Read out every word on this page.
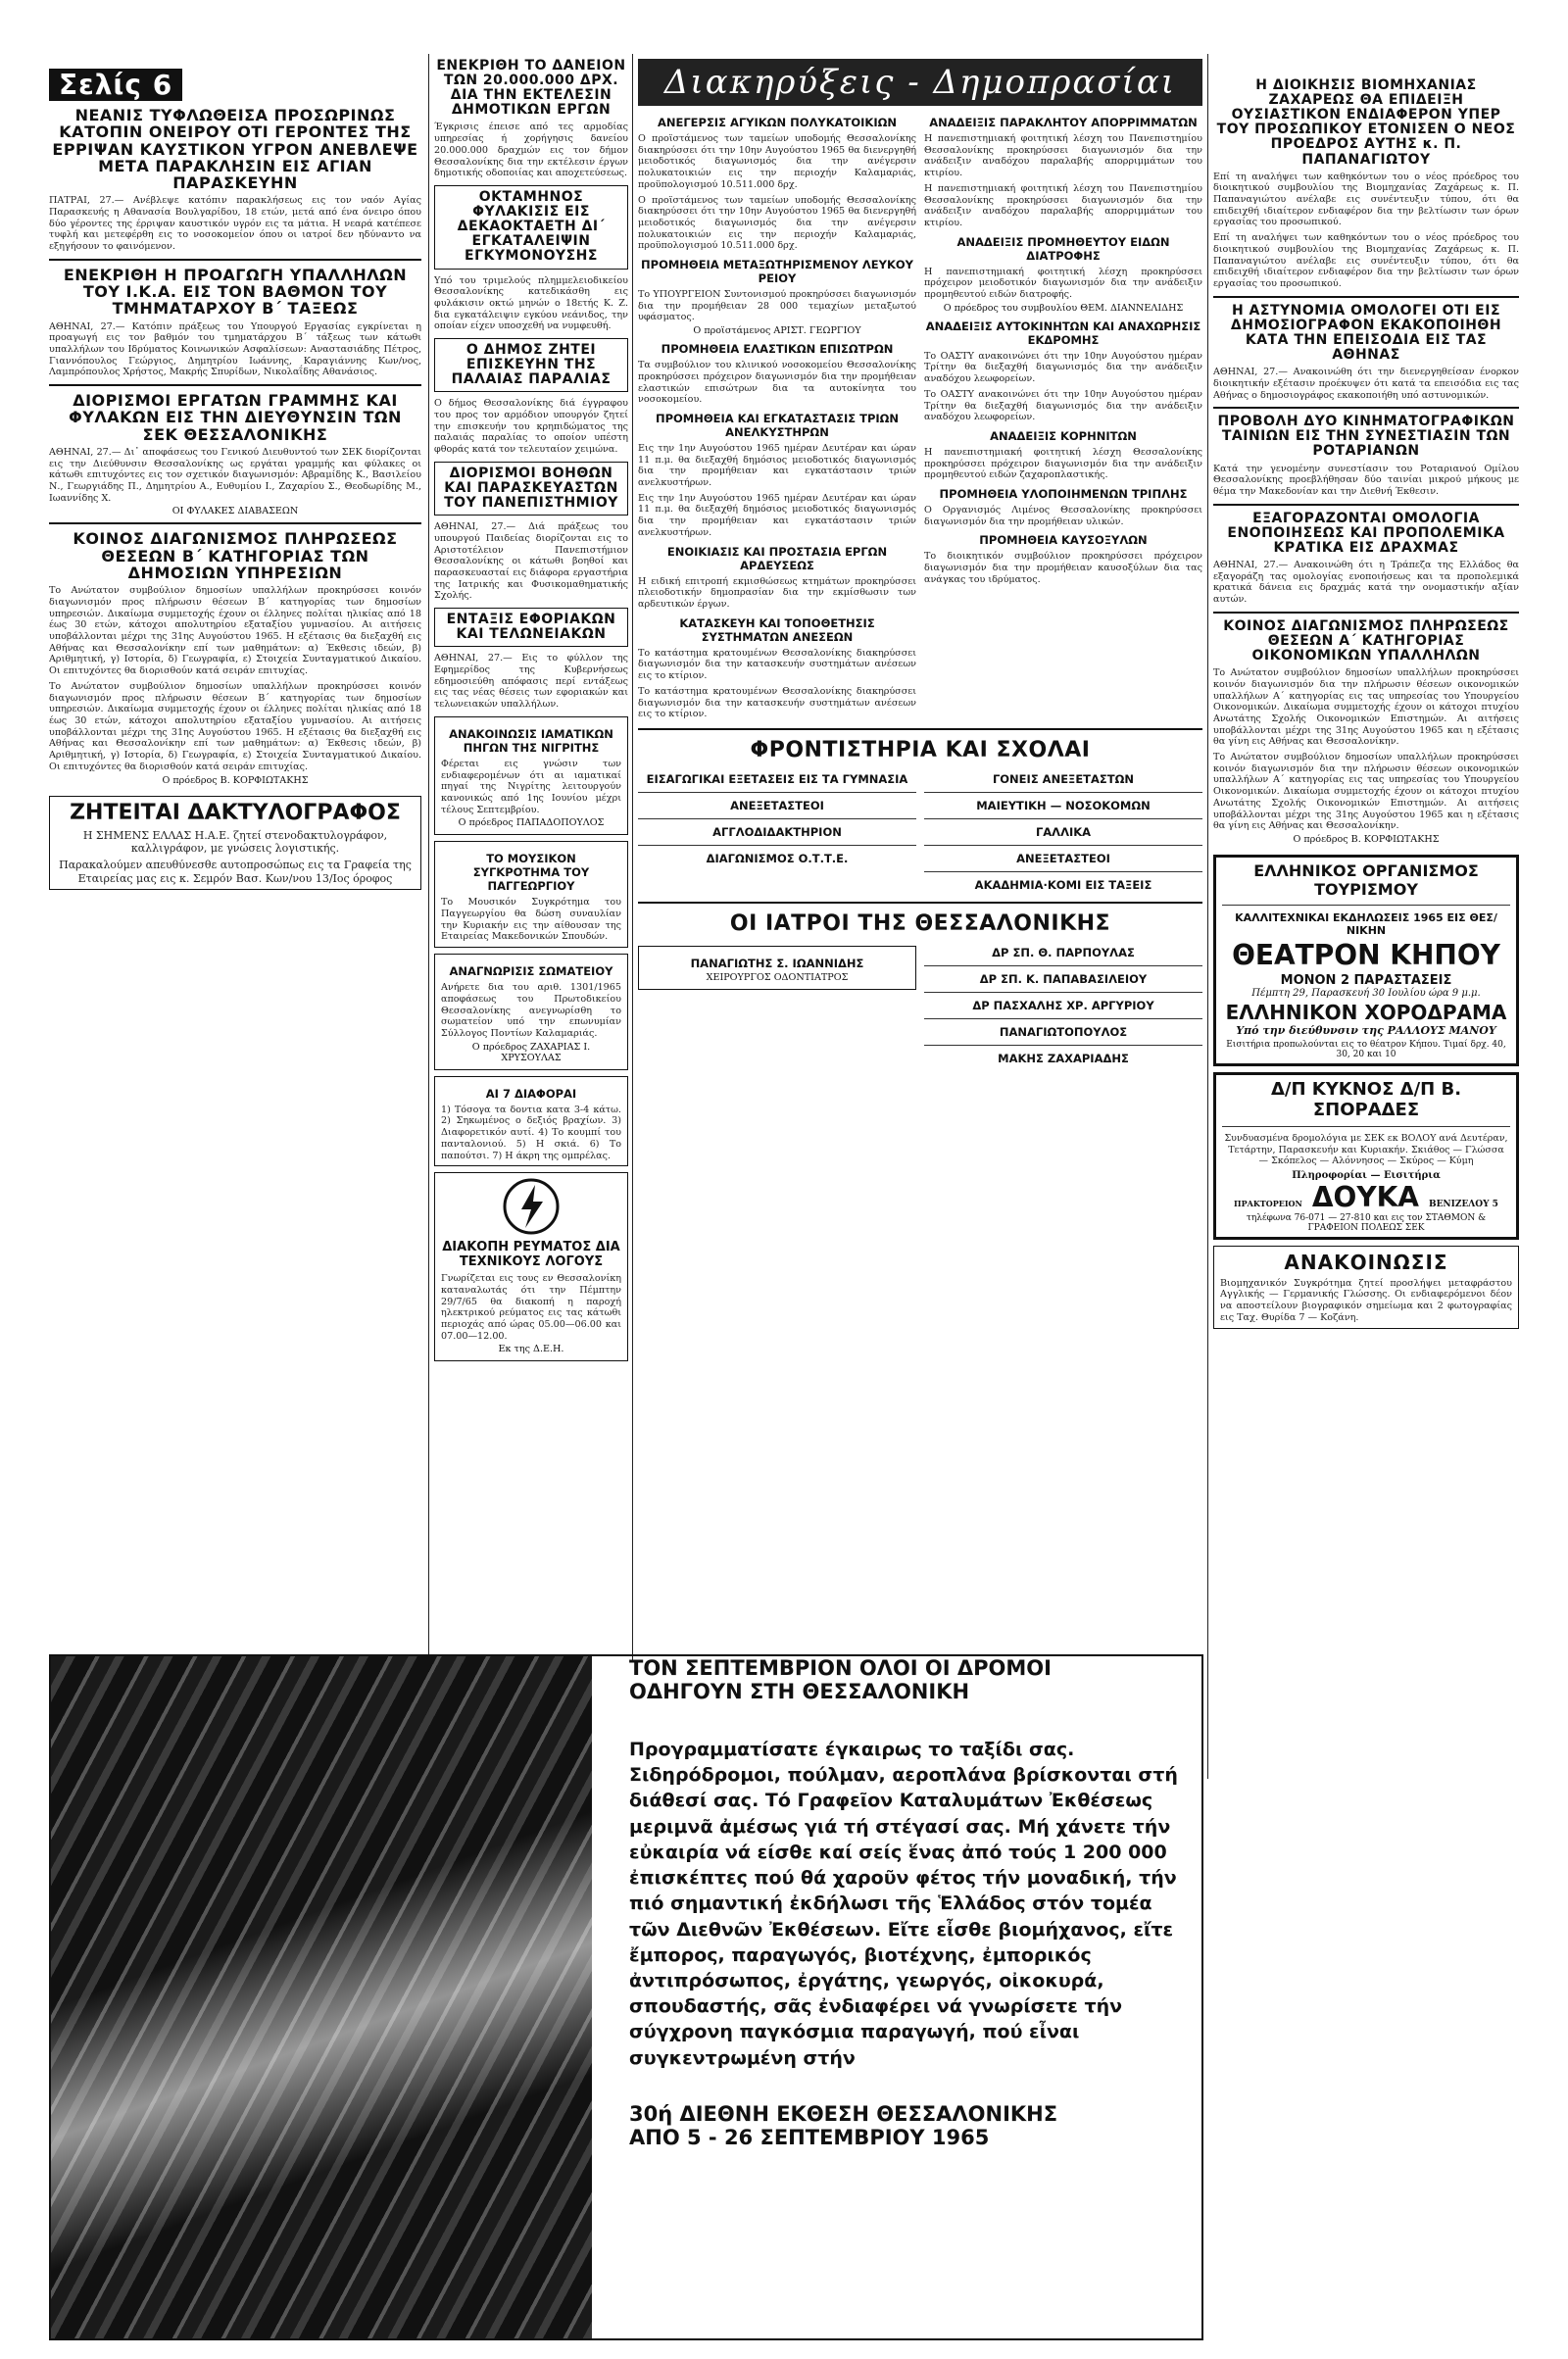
Σελίς 6
ΝΕΑΝΙΣ ΤΥΦΛΩΘΕΙΣΑ ΠΡΟΣΩΡΙΝΩΣ ΚΑΤΟΠΙΝ ΟΝΕΙΡΟΥ ΟΤΙ ΓΕΡΟΝΤΕΣ ΤΗΣ ΕΡΡΙΨΑΝ ΚΑΥΣΤΙΚΟΝ ΥΓΡΟΝ ΑΝΕΒΛΕΨΕ ΜΕΤΑ ΠΑΡΑΚΛΗΣΙΝ ΕΙΣ ΑΓΙΑΝ ΠΑΡΑΣΚΕΥΗΝ

ΠΑΤΡΑΙ, 27.— Ανέβλεψε κατόπιν παρακλήσεως εις τον ναόν Αγίας Παρασκευής η Αθανασία Βουλγαρίδου, 18 ετών, μετά από ένα όνειρο όπου δύο γέροντες της έρριψαν καυστικόν υγρόν εις τα μάτια. Η νεαρά κατέπεσε τυφλή και μετεφέρθη εις το νοσοκομείον όπου οι ιατροί δεν ηδύναντο να εξηγήσουν το φαινόμενον.

ΕΝΕΚΡΙΘΗ Η ΠΡΟΑΓΩΓΗ ΥΠΑΛΛΗΛΩΝ ΤΟΥ Ι.Κ.Α. ΕΙΣ ΤΟΝ ΒΑΘΜΟΝ ΤΟΥ ΤΜΗΜΑΤΑΡΧΟΥ Β΄ ΤΑΞΕΩΣ

ΑΘΗΝΑΙ, 27.— Κατόπιν πράξεως του Υπουργού Εργασίας εγκρίνεται η προαγωγή εις τον βαθμόν του τμηματάρχου Β΄ τάξεως των κάτωθι υπαλλήλων του Ιδρύματος Κοινωνικών Ασφαλίσεων: Αναστασιάδης Πέτρος, Γιαννόπουλος Γεώργιος, Δημητρίου Ιωάννης, Καραγιάννης Κων/νος, Λαμπρόπουλος Χρήστος, Μακρής Σπυρίδων, Νικολαΐδης Αθανάσιος.

ΔΙΟΡΙΣΜΟΙ ΕΡΓΑΤΩΝ ΓΡΑΜΜΗΣ ΚΑΙ ΦΥΛΑΚΩΝ ΕΙΣ ΤΗΝ ΔΙΕΥΘΥΝΣΙΝ ΤΩΝ ΣΕΚ ΘΕΣΣΑΛΟΝΙΚΗΣ

ΑΘΗΝΑΙ, 27.— Δι᾽ αποφάσεως του Γενικού Διευθυντού των ΣΕΚ διορίζονται εις την Διεύθυνσιν Θεσσαλονίκης ως εργάται γραμμής και φύλακες οι κάτωθι επιτυχόντες εις τον σχετικόν διαγωνισμόν: Αβραμίδης Κ., Βασιλείου Ν., Γεωργιάδης Π., Δημητρίου Α., Ευθυμίου Ι., Ζαχαρίου Σ., Θεοδωρίδης Μ., Ιωαννίδης Χ.

ΟΙ ΦΥΛΑΚΕΣ ΔΙΑΒΑΣΕΩΝ

ΚΟΙΝΟΣ ΔΙΑΓΩΝΙΣΜΟΣ ΠΛΗΡΩΣΕΩΣ ΘΕΣΕΩΝ Β΄ ΚΑΤΗΓΟΡΙΑΣ ΤΩΝ ΔΗΜΟΣΙΩΝ ΥΠΗΡΕΣΙΩΝ

Το Ανώτατον συμβούλιον δημοσίων υπαλλήλων προκηρύσσει κοινόν διαγωνισμόν προς πλήρωσιν θέσεων Β΄ κατηγορίας των δημοσίων υπηρεσιών. Δικαίωμα συμμετοχής έχουν οι έλληνες πολίται ηλικίας από 18 έως 30 ετών, κάτοχοι απολυτηρίου εξαταξίου γυμνασίου. Αι αιτήσεις υποβάλλονται μέχρι της 31ης Αυγούστου 1965. Η εξέτασις θα διεξαχθή εις Αθήνας και Θεσσαλονίκην επί των μαθημάτων: α) Έκθεσις ιδεών, β) Αριθμητική, γ) Ιστορία, δ) Γεωγραφία, ε) Στοιχεία Συνταγματικού Δικαίου. Οι επιτυχόντες θα διορισθούν κατά σειράν επιτυχίας.

Το Ανώτατον συμβούλιον δημοσίων υπαλλήλων προκηρύσσει κοινόν διαγωνισμόν προς πλήρωσιν θέσεων Β΄ κατηγορίας των δημοσίων υπηρεσιών. Δικαίωμα συμμετοχής έχουν οι έλληνες πολίται ηλικίας από 18 έως 30 ετών, κάτοχοι απολυτηρίου εξαταξίου γυμνασίου. Αι αιτήσεις υποβάλλονται μέχρι της 31ης Αυγούστου 1965. Η εξέτασις θα διεξαχθή εις Αθήνας και Θεσσαλονίκην επί των μαθημάτων: α) Έκθεσις ιδεών, β) Αριθμητική, γ) Ιστορία, δ) Γεωγραφία, ε) Στοιχεία Συνταγματικού Δικαίου. Οι επιτυχόντες θα διορισθούν κατά σειράν επιτυχίας.

Ο πρόεδρος Β. ΚΟΡΦΙΩΤΑΚΗΣ

ΖΗΤΕΙΤΑΙ ΔΑΚΤΥΛΟΓΡΑΦΟΣ

Η ΣΗΜΕΝΣ ΕΛΛΑΣ Η.Α.Ε. ζητεί στενοδακτυλογράφον, καλλιγράφον, με γνώσεις λογιστικής.

Παρακαλούμεν απευθύνεσθε αυτοπροσώπως εις τα Γραφεία της Εταιρείας μας εις κ. Σεμρόν Βασ. Κων/νου 13/Ιος όροφος

ΕΝΕΚΡΙΘΗ ΤΟ ΔΑΝΕΙΟΝ ΤΩΝ 20.000.000 ΔΡΧ. ΔΙΑ ΤΗΝ ΕΚΤΕΛΕΣΙΝ ΔΗΜΟΤΙΚΩΝ ΕΡΓΩΝ

Έγκρισις έπεισε από τες αρμοδίας υπηρεσίας ή χορήγησις δανείου 20.000.000 δραχμών εις τον δήμον Θεσσαλονίκης δια την εκτέλεσιν έργων δημοτικής οδοποιίας και αποχετεύσεως.

ΟΚΤΑΜΗΝΟΣ ΦΥΛΑΚΙΣΙΣ ΕΙΣ ΔΕΚΑΟΚΤΑΕΤΗ ΔΙ΄ ΕΓΚΑΤΑΛΕΙΨΙΝ ΕΓΚΥΜΟΝΟΥΣΗΣ

Υπό του τριμελούς πλημμελειοδικείου Θεσσαλονίκης κατεδικάσθη εις φυλάκισιν οκτώ μηνών ο 18ετής Κ. Ζ. δια εγκατάλειψιν εγκύου νεάνιδος, την οποίαν είχεν υποσχεθή να νυμφευθή.

Ο ΔΗΜΟΣ ΖΗΤΕΙ ΕΠΙΣΚΕΥΗΝ ΤΗΣ ΠΑΛΑΙΑΣ ΠΑΡΑΛΙΑΣ

Ο δήμος Θεσσαλονίκης διά έγγραφου του προς τον αρμόδιον υπουργόν ζητεί την επισκευήν του κρηπιδώματος της παλαιάς παραλίας το οποίον υπέστη φθοράς κατά τον τελευταίον χειμώνα.

ΔΙΟΡΙΣΜΟΙ ΒΟΗΘΩΝ ΚΑΙ ΠΑΡΑΣΚΕΥΑΣΤΩΝ ΤΟΥ ΠΑΝΕΠΙΣΤΗΜΙΟΥ

ΑΘΗΝΑΙ, 27.— Διά πράξεως του υπουργού Παιδείας διορίζονται εις το Αριστοτέλειον Πανεπιστήμιον Θεσσαλονίκης οι κάτωθι βοηθοί και παρασκευασταί εις διάφορα εργαστήρια της Ιατρικής και Φυσικομαθηματικής Σχολής.

ΕΝΤΑΞΙΣ ΕΦΟΡΙΑΚΩΝ ΚΑΙ ΤΕΛΩΝΕΙΑΚΩΝ

ΑΘΗΝΑΙ, 27.— Εις το φύλλον της Εφημερίδος της Κυβερνήσεως εδημοσιεύθη απόφασις περί εντάξεως εις τας νέας θέσεις των εφοριακών και τελωνειακών υπαλλήλων.

ΑΝΑΚΟΙΝΩΣΙΣ ΙΑΜΑΤΙΚΩΝ ΠΗΓΩΝ ΤΗΣ ΝΙΓΡΙΤΗΣ

Φέρεται εις γνώσιν των ενδιαφερομένων ότι αι ιαματικαί πηγαί της Νιγρίτης λειτουργούν κανονικώς από 1ης Ιουνίου μέχρι τέλους Σεπτεμβρίου.

Ο πρόεδρος ΠΑΠΑΔΟΠΟΥΛΟΣ

ΤΟ ΜΟΥΣΙΚΟΝ ΣΥΓΚΡΟΤΗΜΑ ΤΟΥ ΠΑΓΓΕΩΡΓΙΟΥ

Το Μουσικόν Συγκρότημα του Παγγεωργίου θα δώση συναυλίαν την Κυριακήν εις την αίθουσαν της Εταιρείας Μακεδονικών Σπουδών.

ΑΝΑΓΝΩΡΙΣΙΣ ΣΩΜΑΤΕΙΟΥ

Ανήρετε δια του αριθ. 1301/1965 αποφάσεως του Πρωτοδικείου Θεσσαλονίκης ανεγνωρίσθη το σωματείον υπό την επωνυμίαν Σύλλογος Ποντίων Καλαμαριάς.

Ο πρόεδρος ΖΑΧΑΡΙΑΣ Ι. ΧΡΥΣΟΥΛΑΣ

ΑΙ 7 ΔΙΑΦΟΡΑΙ

1) Τόσογα τα δοντια κατα 3-4 κάτω. 2) Σηκωμένος ο δεξιός βραχίων. 3) Διαφορετικόν αυτί. 4) Το κουμπί του πανταλονιού. 5) Η σκιά. 6) Το παπούτσι. 7) Η άκρη της ομπρέλας.

ΔΙΑΚΟΠΗ ΡΕΥΜΑΤΟΣ ΔΙΑ ΤΕΧΝΙΚΟΥΣ ΛΟΓΟΥΣ

Γνωρίζεται εις τους εν Θεσσαλονίκη καταναλωτάς ότι την Πέμπτην 29/7/65 θα διακοπή η παροχή ηλεκτρικού ρεύματος εις τας κάτωθι περιοχάς από ώρας 05.00—06.00 και 07.00—12.00.

Εκ της Δ.Ε.Η.

Διακηρύξεις - Δημοπρασίαι
ΑΝΕΓΕΡΣΙΣ ΑΓΥΙΚΩΝ ΠΟΛΥΚΑΤΟΙΚΙΩΝ

Ο προϊστάμενος των ταμείων υποδομής Θεσσαλονίκης διακηρύσσει ότι την 10ην Αυγούστου 1965 θα διενεργηθή μειοδοτικός διαγωνισμός δια την ανέγερσιν πολυκατοικιών εις την περιοχήν Καλαμαριάς, προϋπολογισμού 10.511.000 δρχ.

Ο προϊστάμενος των ταμείων υποδομής Θεσσαλονίκης διακηρύσσει ότι την 10ην Αυγούστου 1965 θα διενεργηθή μειοδοτικός διαγωνισμός δια την ανέγερσιν πολυκατοικιών εις την περιοχήν Καλαμαριάς, προϋπολογισμού 10.511.000 δρχ.

ΠΡΟΜΗΘΕΙΑ ΜΕΤΑΞΩΤΗΡΙΣΜΕΝΟΥ ΛΕΥΚΟΥ ΡΕΙΟΥ

Το ΥΠΟΥΡΓΕΙΟΝ Συντονισμού προκηρύσσει διαγωνισμόν δια την προμήθειαν 28 000 τεμαχίων μεταξωτού υφάσματος.

Ο προϊστάμενος ΑΡΙΣΤ. ΓΕΩΡΓΙΟΥ

ΠΡΟΜΗΘΕΙΑ ΕΛΑΣΤΙΚΩΝ ΕΠΙΣΩΤΡΩΝ

Τα συμβούλιον του κλινικού νοσοκομείου Θεσσαλονίκης προκηρύσσει πρόχειρον διαγωνισμόν δια την προμήθειαν ελαστικών επισώτρων δια τα αυτοκίνητα του νοσοκομείου.

ΠΡΟΜΗΘΕΙΑ ΚΑΙ ΕΓΚΑΤΑΣΤΑΣΙΣ ΤΡΙΩΝ ΑΝΕΛΚΥΣΤΗΡΩΝ

Εις την 1ην Αυγούστου 1965 ημέραν Δευτέραν και ώραν 11 π.μ. θα διεξαχθή δημόσιος μειοδοτικός διαγωνισμός δια την προμήθειαν και εγκατάστασιν τριών ανελκυστήρων.

Εις την 1ην Αυγούστου 1965 ημέραν Δευτέραν και ώραν 11 π.μ. θα διεξαχθή δημόσιος μειοδοτικός διαγωνισμός δια την προμήθειαν και εγκατάστασιν τριών ανελκυστήρων.

ΕΝΟΙΚΙΑΣΙΣ ΚΑΙ ΠΡΟΣΤΑΣΙΑ ΕΡΓΩΝ ΑΡΔΕΥΣΕΩΣ

Η ειδική επιτροπή εκμισθώσεως κτημάτων προκηρύσσει πλειοδοτικήν δημοπρασίαν δια την εκμίσθωσιν των αρδευτικών έργων.

ΚΑΤΑΣΚΕΥΗ ΚΑΙ ΤΟΠΟΘΕΤΗΣΙΣ ΣΥΣΤΗΜΑΤΩΝ ΑΝΕΣΕΩΝ

Το κατάστημα κρατουμένων Θεσσαλονίκης διακηρύσσει διαγωνισμόν δια την κατασκευήν συστημάτων ανέσεων εις το κτίριον.

Το κατάστημα κρατουμένων Θεσσαλονίκης διακηρύσσει διαγωνισμόν δια την κατασκευήν συστημάτων ανέσεων εις το κτίριον.

ΑΝΑΔΕΙΞΙΣ ΠΑΡΑΚΛΗΤΟΥ ΑΠΟΡΡΙΜΜΑΤΩΝ

Η πανεπιστημιακή φοιτητική λέσχη του Πανεπιστημίου Θεσσαλονίκης προκηρύσσει διαγωνισμόν δια την ανάδειξιν αναδόχου παραλαβής απορριμμάτων του κτιρίου.

Η πανεπιστημιακή φοιτητική λέσχη του Πανεπιστημίου Θεσσαλονίκης προκηρύσσει διαγωνισμόν δια την ανάδειξιν αναδόχου παραλαβής απορριμμάτων του κτιρίου.

ΑΝΑΔΕΙΞΙΣ ΠΡΟΜΗΘΕΥΤΟΥ ΕΙΔΩΝ ΔΙΑΤΡΟΦΗΣ

Η πανεπιστημιακή φοιτητική λέσχη προκηρύσσει πρόχειρον μειοδοτικόν διαγωνισμόν δια την ανάδειξιν προμηθευτού ειδών διατροφής.

Ο πρόεδρος του συμβουλίου ΘΕΜ. ΔΙΑΝΝΕΛΙΔΗΣ

ΑΝΑΔΕΙΞΙΣ ΑΥΤΟΚΙΝΗΤΩΝ ΚΑΙ ΑΝΑΧΩΡΗΣΙΣ ΕΚΔΡΟΜΗΣ

Το ΟΑΣΤΥ ανακοινώνει ότι την 10ην Αυγούστου ημέραν Τρίτην θα διεξαχθή διαγωνισμός δια την ανάδειξιν αναδόχου λεωφορείων.

Το ΟΑΣΤΥ ανακοινώνει ότι την 10ην Αυγούστου ημέραν Τρίτην θα διεξαχθή διαγωνισμός δια την ανάδειξιν αναδόχου λεωφορείων.

ΑΝΑΔΕΙΞΙΣ ΚΟΡΗΝΙΤΩΝ

Η πανεπιστημιακή φοιτητική λέσχη Θεσσαλονίκης προκηρύσσει πρόχειρον διαγωνισμόν δια την ανάδειξιν προμηθευτού ειδών ζαχαροπλαστικής.

ΠΡΟΜΗΘΕΙΑ ΥΛΟΠΟΙΗΜΕΝΩΝ ΤΡΙΠΛΗΣ

Ο Οργανισμός Λιμένος Θεσσαλονίκης προκηρύσσει διαγωνισμόν δια την προμήθειαν υλικών.

ΠΡΟΜΗΘΕΙΑ ΚΑΥΣΟΞΥΛΩΝ

Το διοικητικόν συμβούλιον προκηρύσσει πρόχειρον διαγωνισμόν δια την προμήθειαν καυσοξύλων δια τας ανάγκας του ιδρύματος.

ΦΡΟΝΤΙΣΤΗΡΙΑ ΚΑΙ ΣΧΟΛΑΙ
ΕΙΣΑΓΩΓΙΚΑΙ ΕΞΕΤΑΣΕΙΣ ΕΙΣ ΤΑ ΓΥΜΝΑΣΙΑ
ΑΝΕΞΕΤΑΣΤΕΟΙ
ΑΓΓΛΟΔΙΔΑΚΤΗΡΙΟΝ
ΔΙΑΓΩΝΙΣΜΟΣ Ο.Τ.Τ.Ε.
ΓΟΝΕΙΣ ΑΝΕΞΕΤΑΣΤΩΝ
ΜΑΙΕΥΤΙΚΗ — ΝΟΣΟΚΟΜΩΝ
ΓΑΛΛΙΚΑ
ΑΝΕΞΕΤΑΣΤΕΟΙ
ΑΚΑΔΗΜΙΑ·ΚΟΜΙ ΕΙΣ ΤΑΞΕΙΣ
ΟΙ ΙΑΤΡΟΙ ΤΗΣ ΘΕΣΣΑΛΟΝΙΚΗΣ
ΠΑΝΑΓΙΩΤΗΣ Σ. ΙΩΑΝΝΙΔΗΣ
ΧΕΙΡΟΥΡΓΟΣ ΟΔΟΝΤΙΑΤΡΟΣ
ΔΡ ΣΠ. Θ. ΠΑΡΠΟΥΛΑΣ
ΔΡ ΣΠ. Κ. ΠΑΠΑΒΑΣΙΛΕΙΟΥ
ΔΡ ΠΑΣΧΑΛΗΣ ΧΡ. ΑΡΓΥΡΙΟΥ
ΠΑΝΑΓΙΩΤΟΠΟΥΛΟΣ
ΜΑΚΗΣ ΖΑΧΑΡΙΑΔΗΣ
Η ΔΙΟΙΚΗΣΙΣ ΒΙΟΜΗΧΑΝΙΑΣ ΖΑΧΑΡΕΩΣ ΘΑ ΕΠΙΔΕΙΞΗ ΟΥΣΙΑΣΤΙΚΟΝ ΕΝΔΙΑΦΕΡΟΝ ΥΠΕΡ ΤΟΥ ΠΡΟΣΩΠΙΚΟΥ ΕΤΟΝΙΣΕΝ Ο ΝΕΟΣ ΠΡΟΕΔΡΟΣ ΑΥΤΗΣ κ. Π. ΠΑΠΑΝΑΓΙΩΤΟΥ

Επί τη αναλήψει των καθηκόντων του ο νέος πρόεδρος του διοικητικού συμβουλίου της Βιομηχανίας Ζαχάρεως κ. Π. Παπαναγιώτου ανέλαβε εις συνέντευξιν τύπου, ότι θα επιδειχθή ιδιαίτερον ενδιαφέρον δια την βελτίωσιν των όρων εργασίας του προσωπικού.

Επί τη αναλήψει των καθηκόντων του ο νέος πρόεδρος του διοικητικού συμβουλίου της Βιομηχανίας Ζαχάρεως κ. Π. Παπαναγιώτου ανέλαβε εις συνέντευξιν τύπου, ότι θα επιδειχθή ιδιαίτερον ενδιαφέρον δια την βελτίωσιν των όρων εργασίας του προσωπικού.

Η ΑΣΤΥΝΟΜΙΑ ΟΜΟΛΟΓΕΙ ΟΤΙ ΕΙΣ ΔΗΜΟΣΙΟΓΡΑΦΟΝ ΕΚΑΚΟΠΟΙΗΘΗ ΚΑΤΑ ΤΗΝ ΕΠΕΙΣΟΔΙΑ ΕΙΣ ΤΑΣ ΑΘΗΝΑΣ

ΑΘΗΝΑΙ, 27.— Ανακοινώθη ότι την διενεργηθείσαν ένορκον διοικητικήν εξέτασιν προέκυψεν ότι κατά τα επεισόδια εις τας Αθήνας ο δημοσιογράφος εκακοποιήθη υπό αστυνομικών.

ΠΡΟΒΟΛΗ ΔΥΟ ΚΙΝΗΜΑΤΟΓΡΑΦΙΚΩΝ ΤΑΙΝΙΩΝ ΕΙΣ ΤΗΝ ΣΥΝΕΣΤΙΑΣΙΝ ΤΩΝ ΡΟΤΑΡΙΑΝΩΝ

Κατά την γενομένην συνεστίασιν του Ροταριανού Ομίλου Θεσσαλονίκης προεβλήθησαν δύο ταινίαι μικρού μήκους με θέμα την Μακεδονίαν και την Διεθνή Έκθεσιν.

ΕΞΑΓΟΡΑΖΟΝΤΑΙ ΟΜΟΛΟΓΙΑ ΕΝΟΠΟΙΗΣΕΩΣ ΚΑΙ ΠΡΟΠΟΛΕΜΙΚΑ ΚΡΑΤΙΚΑ ΕΙΣ ΔΡΑΧΜΑΣ

ΑΘΗΝΑΙ, 27.— Ανακοινώθη ότι η Τράπεζα της Ελλάδος θα εξαγοράζη τας ομολογίας ενοποιήσεως και τα προπολεμικά κρατικά δάνεια εις δραχμάς κατά την ονομαστικήν αξίαν αυτών.

ΚΟΙΝΟΣ ΔΙΑΓΩΝΙΣΜΟΣ ΠΛΗΡΩΣΕΩΣ ΘΕΣΕΩΝ Α΄ ΚΑΤΗΓΟΡΙΑΣ ΟΙΚΟΝΟΜΙΚΩΝ ΥΠΑΛΛΗΛΩΝ

Το Ανώτατον συμβούλιον δημοσίων υπαλλήλων προκηρύσσει κοινόν διαγωνισμόν δια την πλήρωσιν θέσεων οικονομικών υπαλλήλων Α΄ κατηγορίας εις τας υπηρεσίας του Υπουργείου Οικονομικών. Δικαίωμα συμμετοχής έχουν οι κάτοχοι πτυχίου Ανωτάτης Σχολής Οικονομικών Επιστημών. Αι αιτήσεις υποβάλλονται μέχρι της 31ης Αυγούστου 1965 και η εξέτασις θα γίνη εις Αθήνας και Θεσσαλονίκην.

Το Ανώτατον συμβούλιον δημοσίων υπαλλήλων προκηρύσσει κοινόν διαγωνισμόν δια την πλήρωσιν θέσεων οικονομικών υπαλλήλων Α΄ κατηγορίας εις τας υπηρεσίας του Υπουργείου Οικονομικών. Δικαίωμα συμμετοχής έχουν οι κάτοχοι πτυχίου Ανωτάτης Σχολής Οικονομικών Επιστημών. Αι αιτήσεις υποβάλλονται μέχρι της 31ης Αυγούστου 1965 και η εξέτασις θα γίνη εις Αθήνας και Θεσσαλονίκην.

Ο πρόεδρος Β. ΚΟΡΦΙΩΤΑΚΗΣ

ΕΛΛΗΝΙΚΟΣ ΟΡΓΑΝΙΣΜΟΣ ΤΟΥΡΙΣΜΟΥ
ΚΑΛΛΙΤΕΧΝΙΚΑΙ ΕΚΔΗΛΩΣΕΙΣ 1965 ΕΙΣ ΘΕΣ/ΝΙΚΗΝ
ΘΕΑΤΡΟΝ ΚΗΠΟΥ
ΜΟΝΟΝ 2 ΠΑΡΑΣΤΑΣΕΙΣ
Πέμπτη 29, Παρασκευή 30 Ιουλίου ώρα 9 μ.μ.
ΕΛΛΗΝΙΚΟΝ ΧΟΡΟΔΡΑΜΑ
Υπό την διεύθυνσιν της ΡΑΛΛΟΥΣ ΜΑΝΟΥ
Εισιτήρια προπωλούνται εις το θέατρον Κήπου. Τιμαί δρχ. 40, 30, 20 και 10
Δ/Π ΚΥΚΝΟΣ Δ/Π Β. ΣΠΟΡΑΔΕΣ

Συνδυασμένα δρομολόγια με ΣΕΚ εκ ΒΟΛΟΥ ανά Δευτέραν, Τετάρτην, Παρασκευήν και Κυριακήν. Σκιάθος — Γλώσσα — Σκόπελος — Αλόννησος — Σκύρος — Κύμη

Πληροφορίαι — Εισιτήρια
ΠΡΑΚΤΟΡΕΙΟΝ ΔΟΥΚΑ ΒΕΝΙΖΕΛΟΥ 5
τηλέφωνα 76-071 — 27-810 και εις τον ΣΤΑΘΜΟΝ & ΓΡΑΦΕΙΟΝ ΠΟΛΕΩΣ ΣΕΚ
ΑΝΑΚΟΙΝΩΣΙΣ

Βιομηχανικόν Συγκρότημα ζητεί προσλήψει μεταφράστου Αγγλικής — Γερμανικής Γλώσσης. Οι ενδιαφερόμενοι δέον να αποστείλουν βιογραφικόν σημείωμα και 2 φωτογραφίας εις Ταχ. Θυρίδα 7 — Κοζάνη.

ΤΟΝ ΣΕΠΤΕΜΒΡΙΟΝ ΟΛΟΙ ΟΙ ΔΡΟΜΟΙ
ΟΔΗΓΟΥΝ ΣΤΗ ΘΕΣΣΑΛΟΝΙΚΗ
Προγραμματίσατε έγκαιρως το ταξίδι σας. Σιδηρόδρομοι, πούλμαν, αεροπλάνα βρίσκονται στή διάθεσί σας. Τό Γραφεῖον Καταλυμάτων Ἐκθέσεως μεριμνᾶ ἀμέσως γιά τή στέγασί σας. Μή χάνετε τήν εὐκαιρία νά είσθε καί σείς ἕνας ἀπό τούς 1 200 000 ἐπισκέπτες πού θά χαροῦν φέτος τήν μοναδική, τήν πιό σημαντική ἐκδήλωσι τῆς Ἑλλάδος στόν τομέα τῶν Διεθνῶν Ἐκθέσεων. Εἴτε εἶσθε βιομήχανος, εἴτε ἔμπορος, παραγωγός, βιοτέχνης, ἐμπορικός ἀντιπρόσωπος, ἐργάτης, γεωργός, οἰκοκυρά, σπουδαστής, σᾶς ἐνδιαφέρει νά γνωρίσετε τήν σύγχρονη παγκόσμια παραγωγή, πού εἶναι συγκεντρωμένη στήν
30ή ΔΙΕΘΝΗ ΕΚΘΕΣΗ ΘΕΣΣΑΛΟΝΙΚΗΣ
ΑΠΟ 5 - 26 ΣΕΠΤΕΜΒΡΙΟΥ 1965
